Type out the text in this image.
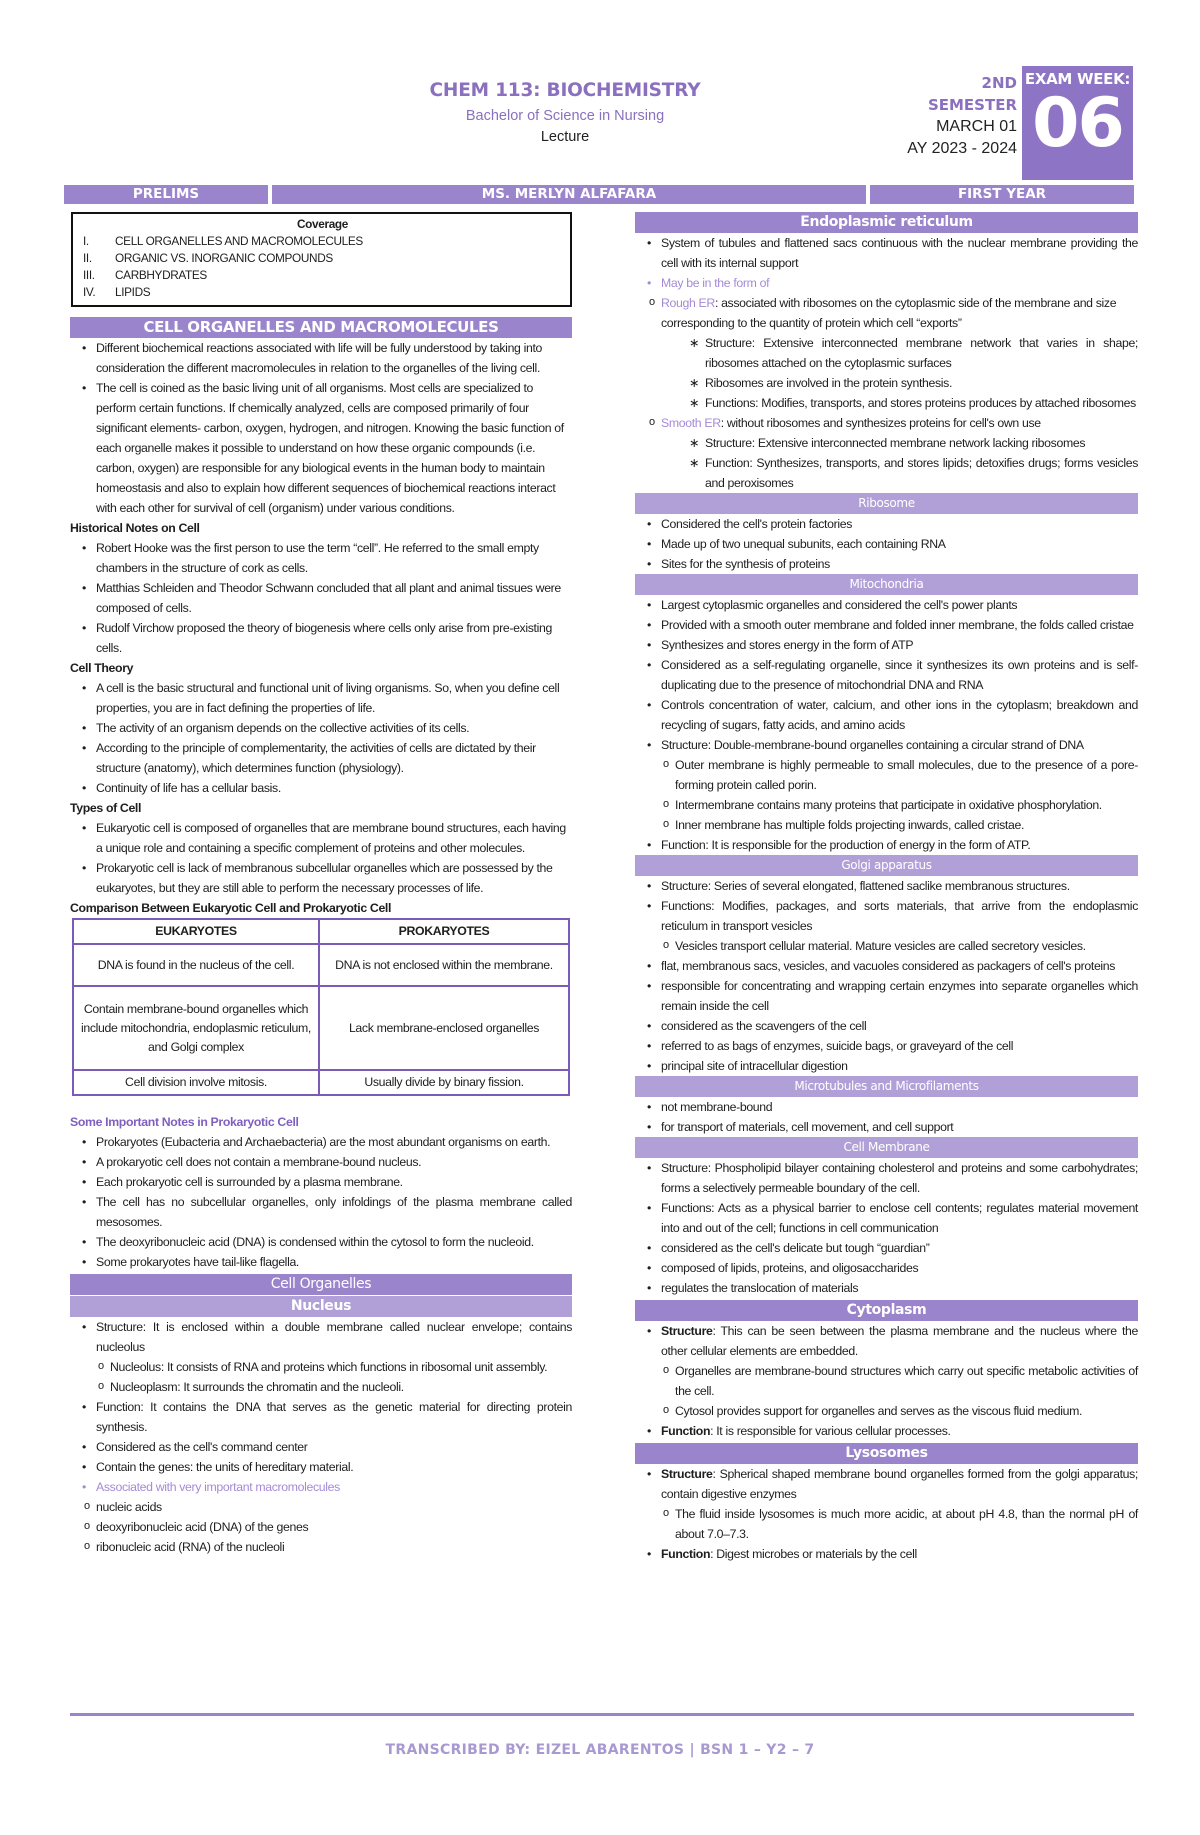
CHEM 113: BIOCHEMISTRY
Bachelor of Science in Nursing
Lecture
2ND
SEMESTER
MARCH 01
AY 2023 - 2024
EXAM WEEK:
06
PRELIMS	MS. MERLYN ALFAFARA	FIRST YEAR
Coverage
I.	CELL ORGANELLES AND MACROMOLECULES
II.	ORGANIC VS. INORGANIC COMPOUNDS
III.	CARBHYDRATES
IV.	LIPIDS
CELL ORGANELLES AND MACROMOLECULES
• Different biochemical reactions associated with life will be fully understood by taking into consideration the different macromolecules in relation to the organelles of the living cell.
• The cell is coined as the basic living unit of all organisms. Most cells are specialized to perform certain functions. If chemically analyzed, cells are composed primarily of four significant elements- carbon, oxygen, hydrogen, and nitrogen. Knowing the basic function of each organelle makes it possible to understand on how these organic compounds (i.e. carbon, oxygen) are responsible for any biological events in the human body to maintain homeostasis and also to explain how different sequences of biochemical reactions interact with each other for survival of cell (organism) under various conditions.
Historical Notes on Cell
• Robert Hooke was the first person to use the term “cell”. He referred to the small empty chambers in the structure of cork as cells.
• Matthias Schleiden and Theodor Schwann concluded that all plant and animal tissues were composed of cells.
• Rudolf Virchow proposed the theory of biogenesis where cells only arise from pre-existing cells.
Cell Theory
• A cell is the basic structural and functional unit of living organisms. So, when you define cell properties, you are in fact defining the properties of life.
• The activity of an organism depends on the collective activities of its cells.
• According to the principle of complementarity, the activities of cells are dictated by their structure (anatomy), which determines function (physiology).
• Continuity of life has a cellular basis.
Types of Cell
• Eukaryotic cell is composed of organelles that are membrane bound structures, each having a unique role and containing a specific complement of proteins and other molecules.
• Prokaryotic cell is lack of membranous subcellular organelles which are possessed by the eukaryotes, but they are still able to perform the necessary processes of life.
Comparison Between Eukaryotic Cell and Prokaryotic Cell
EUKARYOTES	PROKARYOTES
DNA is found in the nucleus of the cell.	DNA is not enclosed within the membrane.
Contain membrane-bound organelles which include mitochondria, endoplasmic reticulum, and Golgi complex	Lack membrane-enclosed organelles
Cell division involve mitosis.	Usually divide by binary fission.
Some Important Notes in Prokaryotic Cell
• Prokaryotes (Eubacteria and Archaebacteria) are the most abundant organisms on earth.
• A prokaryotic cell does not contain a membrane-bound nucleus.
• Each prokaryotic cell is surrounded by a plasma membrane.
• The cell has no subcellular organelles, only infoldings of the plasma membrane called mesosomes.
• The deoxyribonucleic acid (DNA) is condensed within the cytosol to form the nucleoid.
• Some prokaryotes have tail-like flagella.
Cell Organelles
Nucleus
• Structure: It is enclosed within a double membrane called nuclear envelope; contains nucleolus
o Nucleolus: It consists of RNA and proteins which functions in ribosomal unit assembly.
o Nucleoplasm: It surrounds the chromatin and the nucleoli.
• Function: It contains the DNA that serves as the genetic material for directing protein synthesis.
• Considered as the cell's command center
• Contain the genes: the units of hereditary material.
• Associated with very important macromolecules
o nucleic acids
o deoxyribonucleic acid (DNA) of the genes
o ribonucleic acid (RNA) of the nucleoli
Endoplasmic reticulum
• System of tubules and flattened sacs continuous with the nuclear membrane providing the cell with its internal support
• May be in the form of
o Rough ER: associated with ribosomes on the cytoplasmic side of the membrane and size corresponding to the quantity of protein which cell “exports”
∗ Structure: Extensive interconnected membrane network that varies in shape; ribosomes attached on the cytoplasmic surfaces
∗ Ribosomes are involved in the protein synthesis.
∗ Functions: Modifies, transports, and stores proteins produces by attached ribosomes
o Smooth ER: without ribosomes and synthesizes proteins for cell's own use
∗ Structure: Extensive interconnected membrane network lacking ribosomes
∗ Function: Synthesizes, transports, and stores lipids; detoxifies drugs; forms vesicles and peroxisomes
Ribosome
• Considered the cell's protein factories
• Made up of two unequal subunits, each containing RNA
• Sites for the synthesis of proteins
Mitochondria
• Largest cytoplasmic organelles and considered the cell's power plants
• Provided with a smooth outer membrane and folded inner membrane, the folds called cristae
• Synthesizes and stores energy in the form of ATP
• Considered as a self-regulating organelle, since it synthesizes its own proteins and is self- duplicating due to the presence of mitochondrial DNA and RNA
• Controls concentration of water, calcium, and other ions in the cytoplasm; breakdown and recycling of sugars, fatty acids, and amino acids
• Structure: Double-membrane-bound organelles containing a circular strand of DNA
o Outer membrane is highly permeable to small molecules, due to the presence of a pore-forming protein called porin.
o Intermembrane contains many proteins that participate in oxidative phosphorylation.
o Inner membrane has multiple folds projecting inwards, called cristae.
• Function: It is responsible for the production of energy in the form of ATP.
Golgi apparatus
• Structure: Series of several elongated, flattened saclike membranous structures.
• Functions: Modifies, packages, and sorts materials, that arrive from the endoplasmic reticulum in transport vesicles
o Vesicles transport cellular material. Mature vesicles are called secretory vesicles.
• flat, membranous sacs, vesicles, and vacuoles considered as packagers of cell's proteins
• responsible for concentrating and wrapping certain enzymes into separate organelles which remain inside the cell
• considered as the scavengers of the cell
• referred to as bags of enzymes, suicide bags, or graveyard of the cell
• principal site of intracellular digestion
Microtubules and Microfilaments
• not membrane-bound
• for transport of materials, cell movement, and cell support
Cell Membrane
• Structure: Phospholipid bilayer containing cholesterol and proteins and some carbohydrates; forms a selectively permeable boundary of the cell.
• Functions: Acts as a physical barrier to enclose cell contents; regulates material movement into and out of the cell; functions in cell communication
• considered as the cell's delicate but tough “guardian”
• composed of lipids, proteins, and oligosaccharides
• regulates the translocation of materials
Cytoplasm
• Structure: This can be seen between the plasma membrane and the nucleus where the other cellular elements are embedded.
o Organelles are membrane-bound structures which carry out specific metabolic activities of the cell.
o Cytosol provides support for organelles and serves as the viscous fluid medium.
• Function: It is responsible for various cellular processes.
Lysosomes
• Structure: Spherical shaped membrane bound organelles formed from the golgi apparatus; contain digestive enzymes
o The fluid inside lysosomes is much more acidic, at about pH 4.8, than the normal pH of about 7.0–7.3.
• Function: Digest microbes or materials by the cell
TRANSCRIBED BY: EIZEL ABARENTOS | BSN 1 – Y2 – 7
